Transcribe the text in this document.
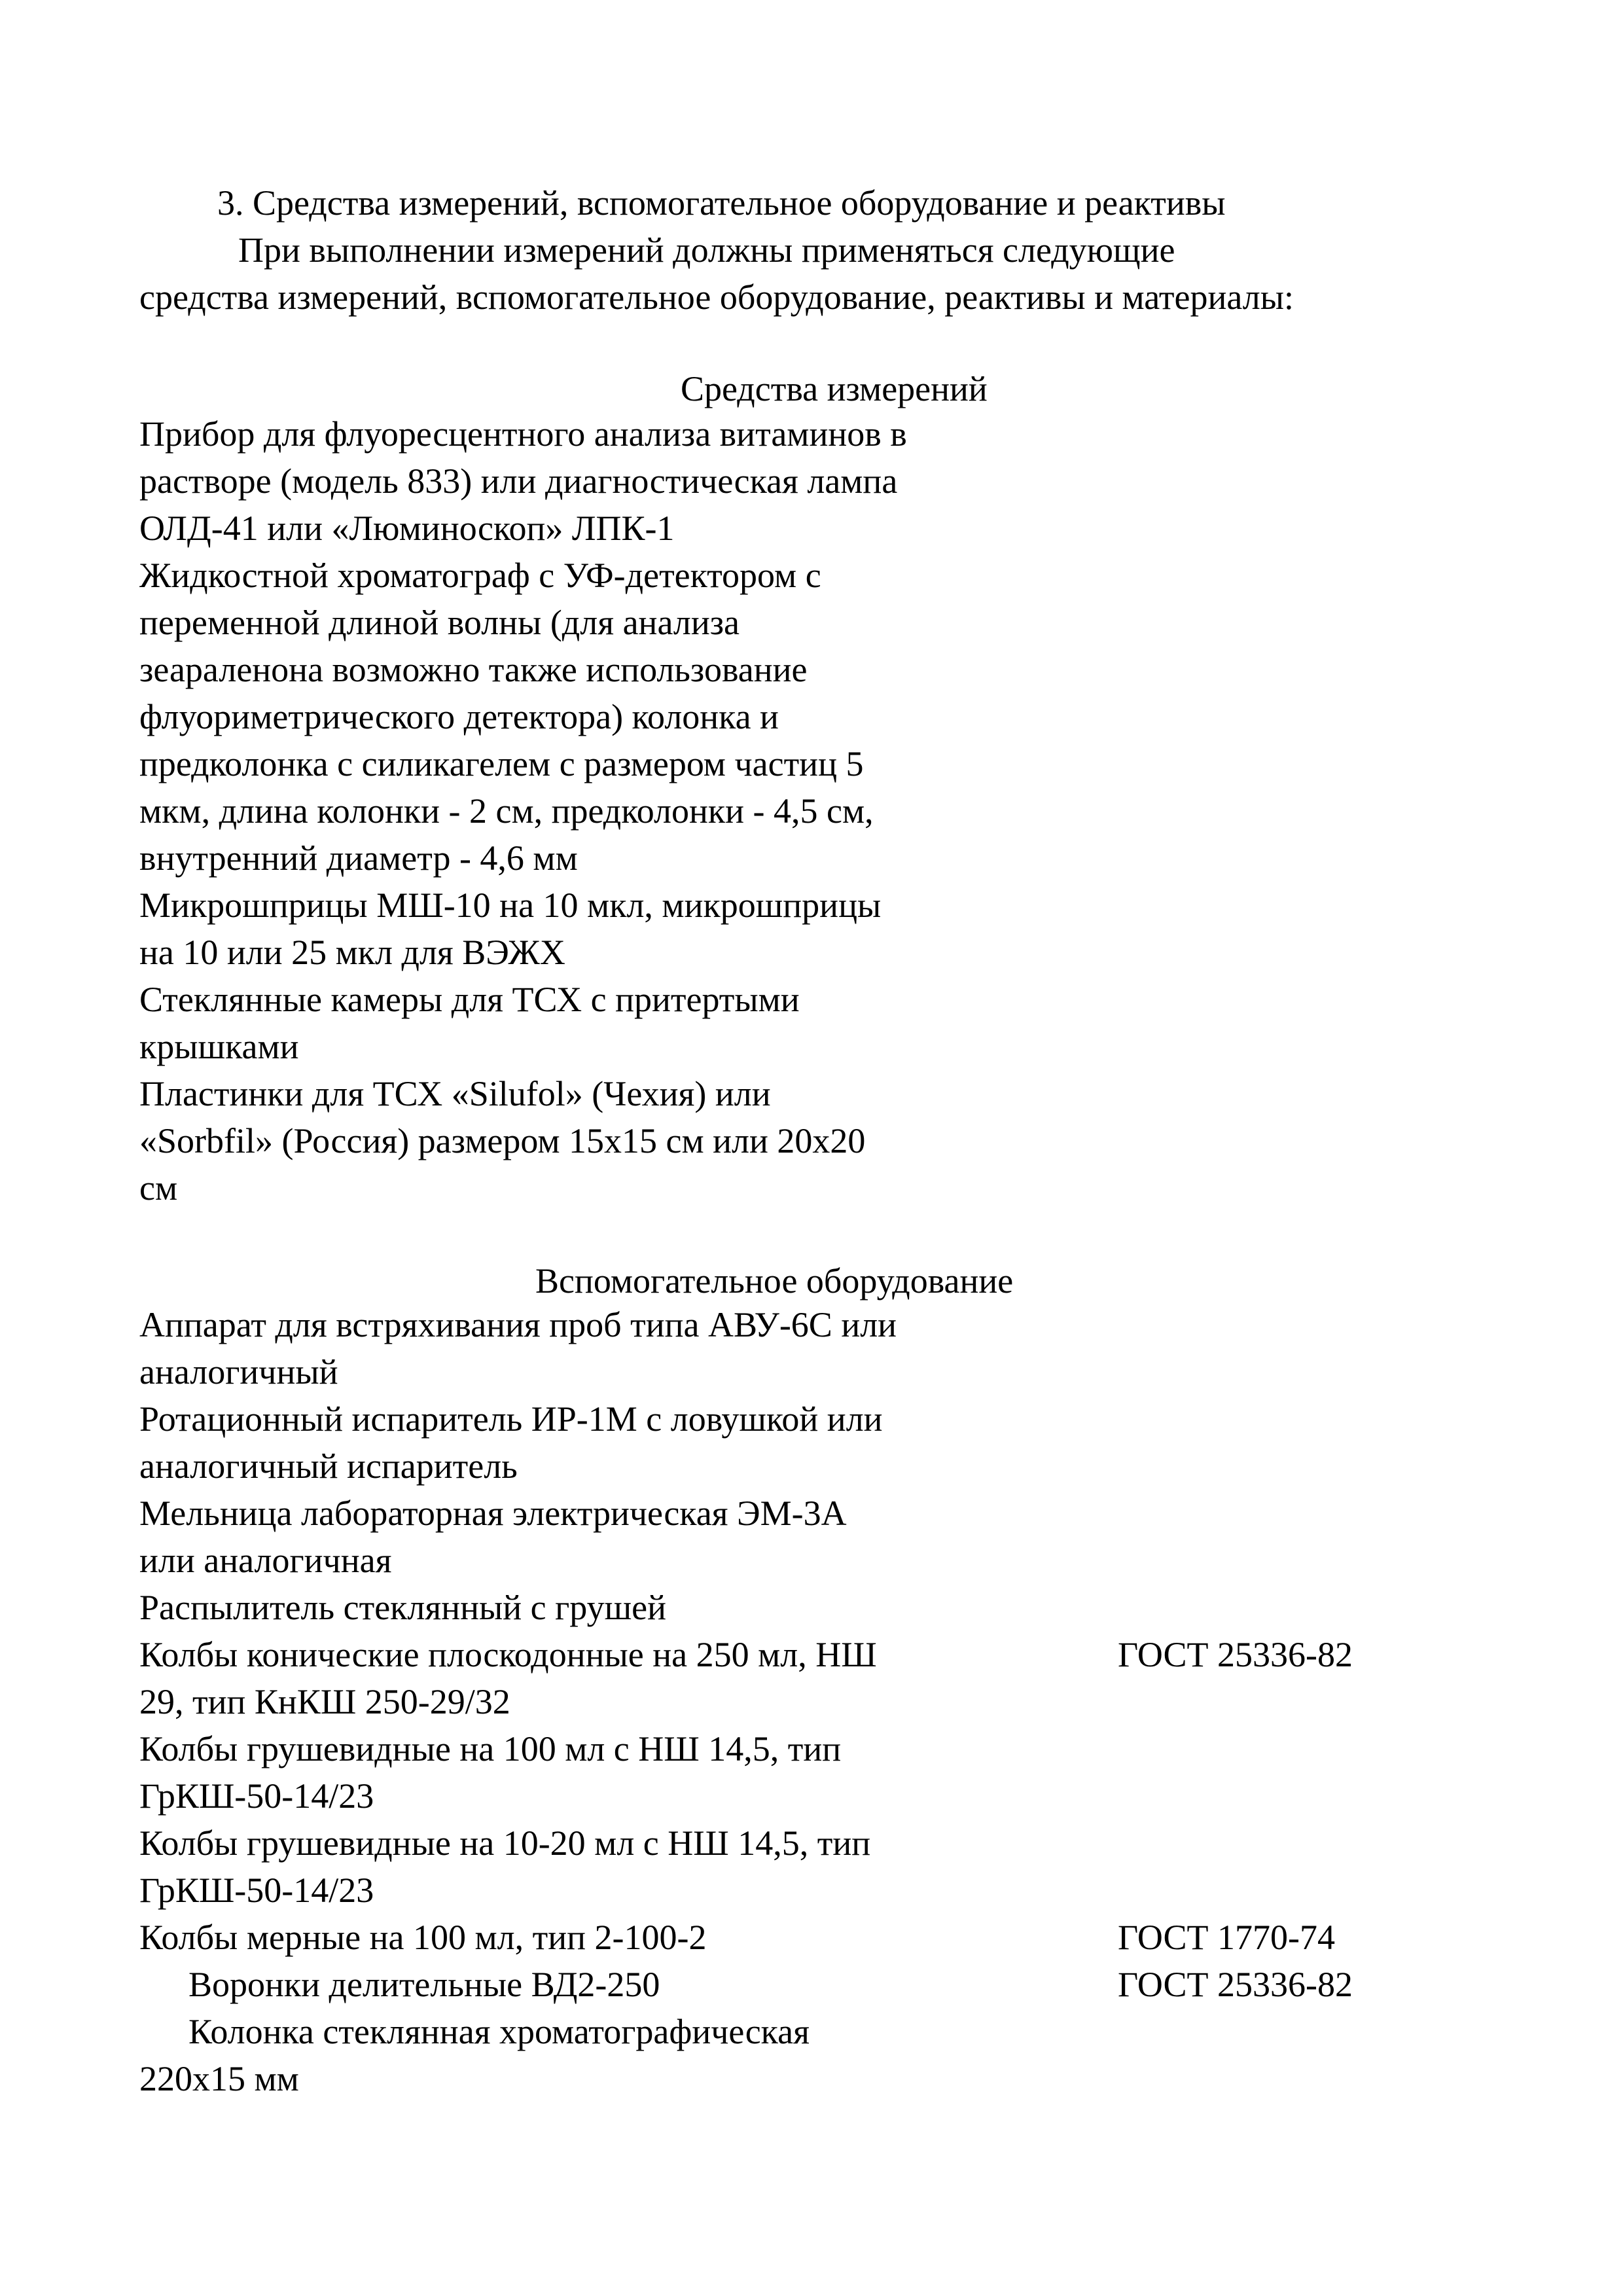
3. Средства измерений, вспомогательное оборудование и реактивы
При выполнении измерений должны применяться следующие
средства измерений, вспомогательное оборудование, реактивы и материалы:
Средства измерений
Прибор для флуоресцентного анализа витаминов в
растворе (модель 833) или диагностическая лампа
ОЛД-41 или «Люминоскоп» ЛПК-1
Жидкостной хроматограф с УФ-детектором с
переменной длиной волны (для анализа
зеараленона возможно также использование
флуориметрического детектора) колонка и
предколонка с силикагелем с размером частиц 5
мкм, длина колонки - 2 см, предколонки - 4,5 см,
внутренний диаметр - 4,6 мм
Микрошприцы МШ-10 на 10 мкл, микрошприцы
на 10 или 25 мкл для ВЭЖХ
Стеклянные камеры для ТСХ с притертыми
крышками
Пластинки для ТСХ «Silufol» (Чехия) или
«Sorbfil» (Россия) размером 15х15 см или 20х20
см
Вспомогательное оборудование
Аппарат для встряхивания проб типа АВУ-6С или
аналогичный
Ротационный испаритель ИР-1М с ловушкой или
аналогичный испаритель
Мельница лабораторная электрическая ЭМ-3А
или аналогичная
Распылитель стеклянный с грушей
Колбы конические плоскодонные на 250 мл, НШ
29, тип КнКШ 250-29/32
Колбы грушевидные на 100 мл с НШ 14,5, тип
ГрКШ-50-14/23
Колбы грушевидные на 10-20 мл с НШ 14,5, тип
ГрКШ-50-14/23
Колбы мерные на 100 мл, тип 2-100-2
Воронки делительные ВД2-250
Колонка стеклянная хроматографическая
220х15 мм
ГОСТ 25336-82
ГОСТ 1770-74
ГОСТ 25336-82
